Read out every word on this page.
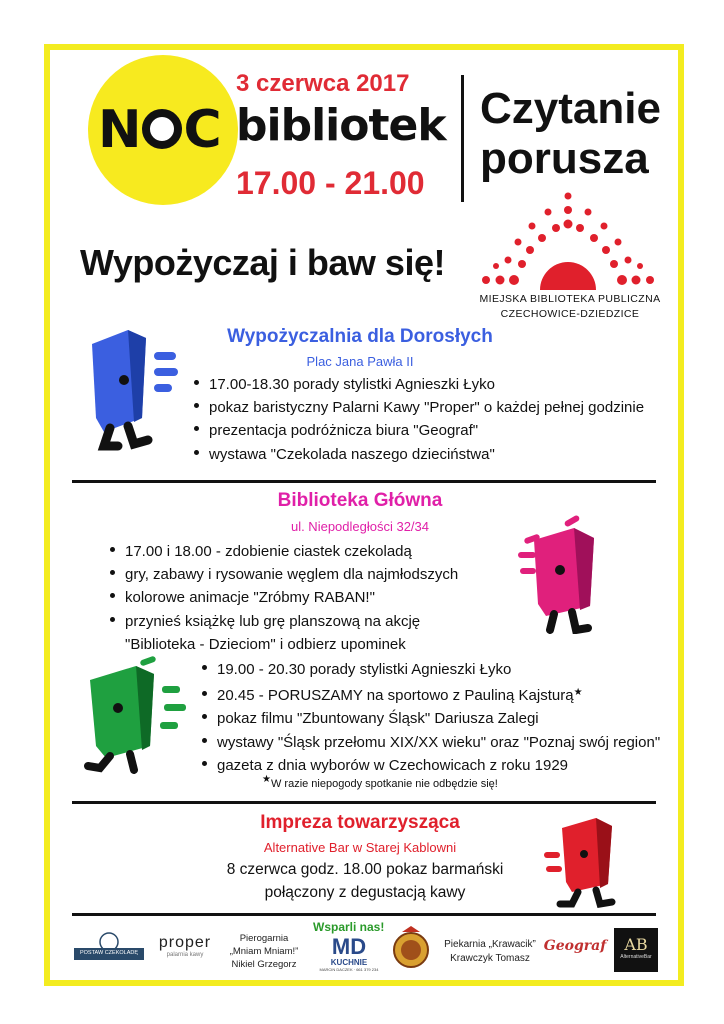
N C
3 czerwca 2017
bibliotek
17.00 - 21.00
Czytanie
porusza
Wypożyczaj i baw się!
MIEJSKA BIBLIOTEKA PUBLICZNA
CZECHOWICE-DZIEDZICE
Wypożyczalnia dla Dorosłych
Plac Jana Pawła II
17.00-18.30 porady stylistki Agnieszki Łyko
pokaz baristyczny Palarni Kawy "Proper" o każdej pełnej godzinie
prezentacja podróżnicza biura "Geograf"
wystawa "Czekolada naszego dzieciństwa"
Biblioteka Główna
ul. Niepodległości 32/34
17.00 i 18.00 - zdobienie ciastek czekoladą
gry, zabawy i rysowanie węglem dla najmłodszych
kolorowe animacje "Zróbmy RABAN!"
przynieś książkę lub grę planszową na akcję
"Biblioteka - Dzieciom" i odbierz upominek
19.00 - 20.30 porady stylistki Agnieszki Łyko
20.45 - PORUSZAMY na sportowo z Pauliną Kajsturą★
pokaz filmu "Zbuntowany Śląsk" Dariusza Zalegi
wystawy "Śląsk przełomu XIX/XX wieku" oraz "Poznaj swój region"
gazeta z dnia wyborów w Czechowicach z roku 1929
★W razie niepogody spotkanie nie odbędzie się!
Impreza towarzysząca
Alternative Bar w Starej Kablowni
8 czerwca godz. 18.00 pokaz barmański
połączony z degustacją kawy
Wsparli nas!
POSTAW CZEKOLADĘ
proper
palarnia kawy
Pierogarnia
„Mniam Mniam!”
Nikiel Grzegorz
MD
KUCHNIE
MARCIN DACZEK · 661 379 234
Piekarnia „Krawacik”
Krawczyk Tomasz
Geograf	AB
AlternativeBar
